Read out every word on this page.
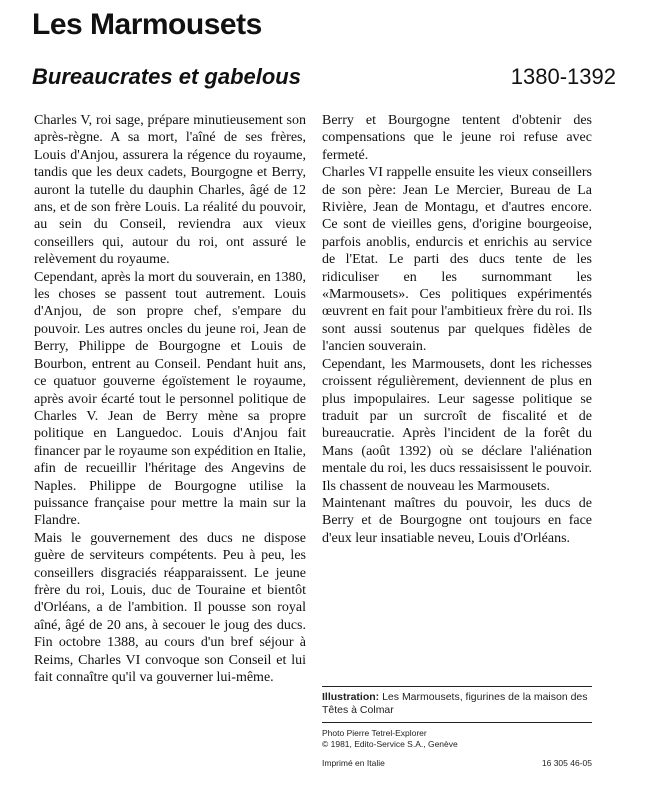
Les Marmousets
Bureaucrates et gabelous	1380-1392

Charles V, roi sage, prépare minutieusement son après-règne. A sa mort, l'aîné de ses frères, Louis d'Anjou, assurera la régence du royaume, tandis que les deux cadets, Bourgogne et Berry, auront la tutelle du dauphin Charles, âgé de 12 ans, et de son frère Louis. La réalité du pouvoir, au sein du Conseil, reviendra aux vieux conseillers qui, autour du roi, ont assuré le relèvement du royaume.

Cependant, après la mort du souverain, en 1380, les choses se passent tout autrement. Louis d'Anjou, de son propre chef, s'empare du pouvoir. Les autres oncles du jeune roi, Jean de Berry, Philippe de Bourgogne et Louis de Bourbon, entrent au Conseil. Pendant huit ans, ce quatuor gouverne égoïstement le royaume, après avoir écarté tout le personnel politique de Charles V. Jean de Berry mène sa propre politique en Languedoc. Louis d'Anjou fait financer par le royaume son expédition en Italie, afin de recueillir l'héritage des Angevins de Naples. Philippe de Bourgogne utilise la puissance française pour mettre la main sur la Flandre.

Mais le gouvernement des ducs ne dispose guère de serviteurs compétents. Peu à peu, les conseillers disgraciés réapparaissent. Le jeune frère du roi, Louis, duc de Touraine et bientôt d'Orléans, a de l'ambition. Il pousse son royal aîné, âgé de 20 ans, à secouer le joug des ducs. Fin octobre 1388, au cours d'un bref séjour à Reims, Charles VI convoque son Conseil et lui fait connaître qu'il va gouverner lui-même.

Berry et Bourgogne tentent d'obtenir des compensations que le jeune roi refuse avec fermeté.

Charles VI rappelle ensuite les vieux conseillers de son père: Jean Le Mercier, Bureau de La Rivière, Jean de Montagu, et d'autres encore. Ce sont de vieilles gens, d'origine bourgeoise, parfois anoblis, endurcis et enrichis au service de l'Etat. Le parti des ducs tente de les ridiculiser en les surnommant les «Marmousets». Ces politiques expérimentés œuvrent en fait pour l'ambitieux frère du roi. Ils sont aussi soutenus par quelques fidèles de l'ancien souverain.

Cependant, les Marmousets, dont les richesses croissent régulièrement, deviennent de plus en plus impopulaires. Leur sagesse politique se traduit par un surcroît de fiscalité et de bureaucratie. Après l'incident de la forêt du Mans (août 1392) où se déclare l'aliénation mentale du roi, les ducs ressaisissent le pouvoir. Ils chassent de nouveau les Marmousets.

Maintenant maîtres du pouvoir, les ducs de Berry et de Bourgogne ont toujours en face d'eux leur insatiable neveu, Louis d'Orléans.

Illustration: Les Marmousets, figurines de la maison des Têtes à Colmar

Photo Pierre Tetrel-Explorer
© 1981, Edito-Service S.A., Genève
Imprimé en Italie	16 305 46-05
